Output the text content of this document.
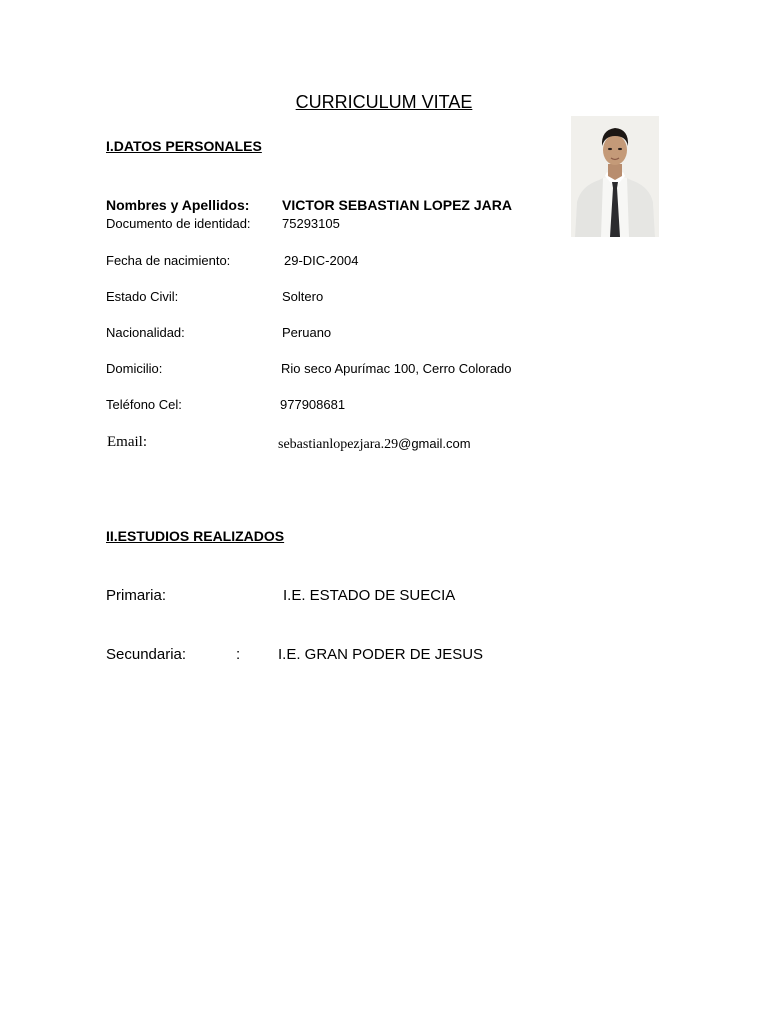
CURRICULUM VITAE
I.DATOS PERSONALES
Nombres y Apellidos: VICTOR SEBASTIAN LOPEZ JARA
Documento de identidad: 75293105
Fecha de nacimiento:	29-DIC-2004
Estado Civil:	Soltero
Nacionalidad:	Peruano
Domicilio:	Rio seco Apurímac 100, Cerro Colorado
Teléfono Cel:	977908681
Email:	sebastianlopezjara.29@gmail.com
II.ESTUDIOS REALIZADOS
Primaria:	I.E. ESTADO DE SUECIA
Secundaria:	:	I.E. GRAN PODER DE JESUS
